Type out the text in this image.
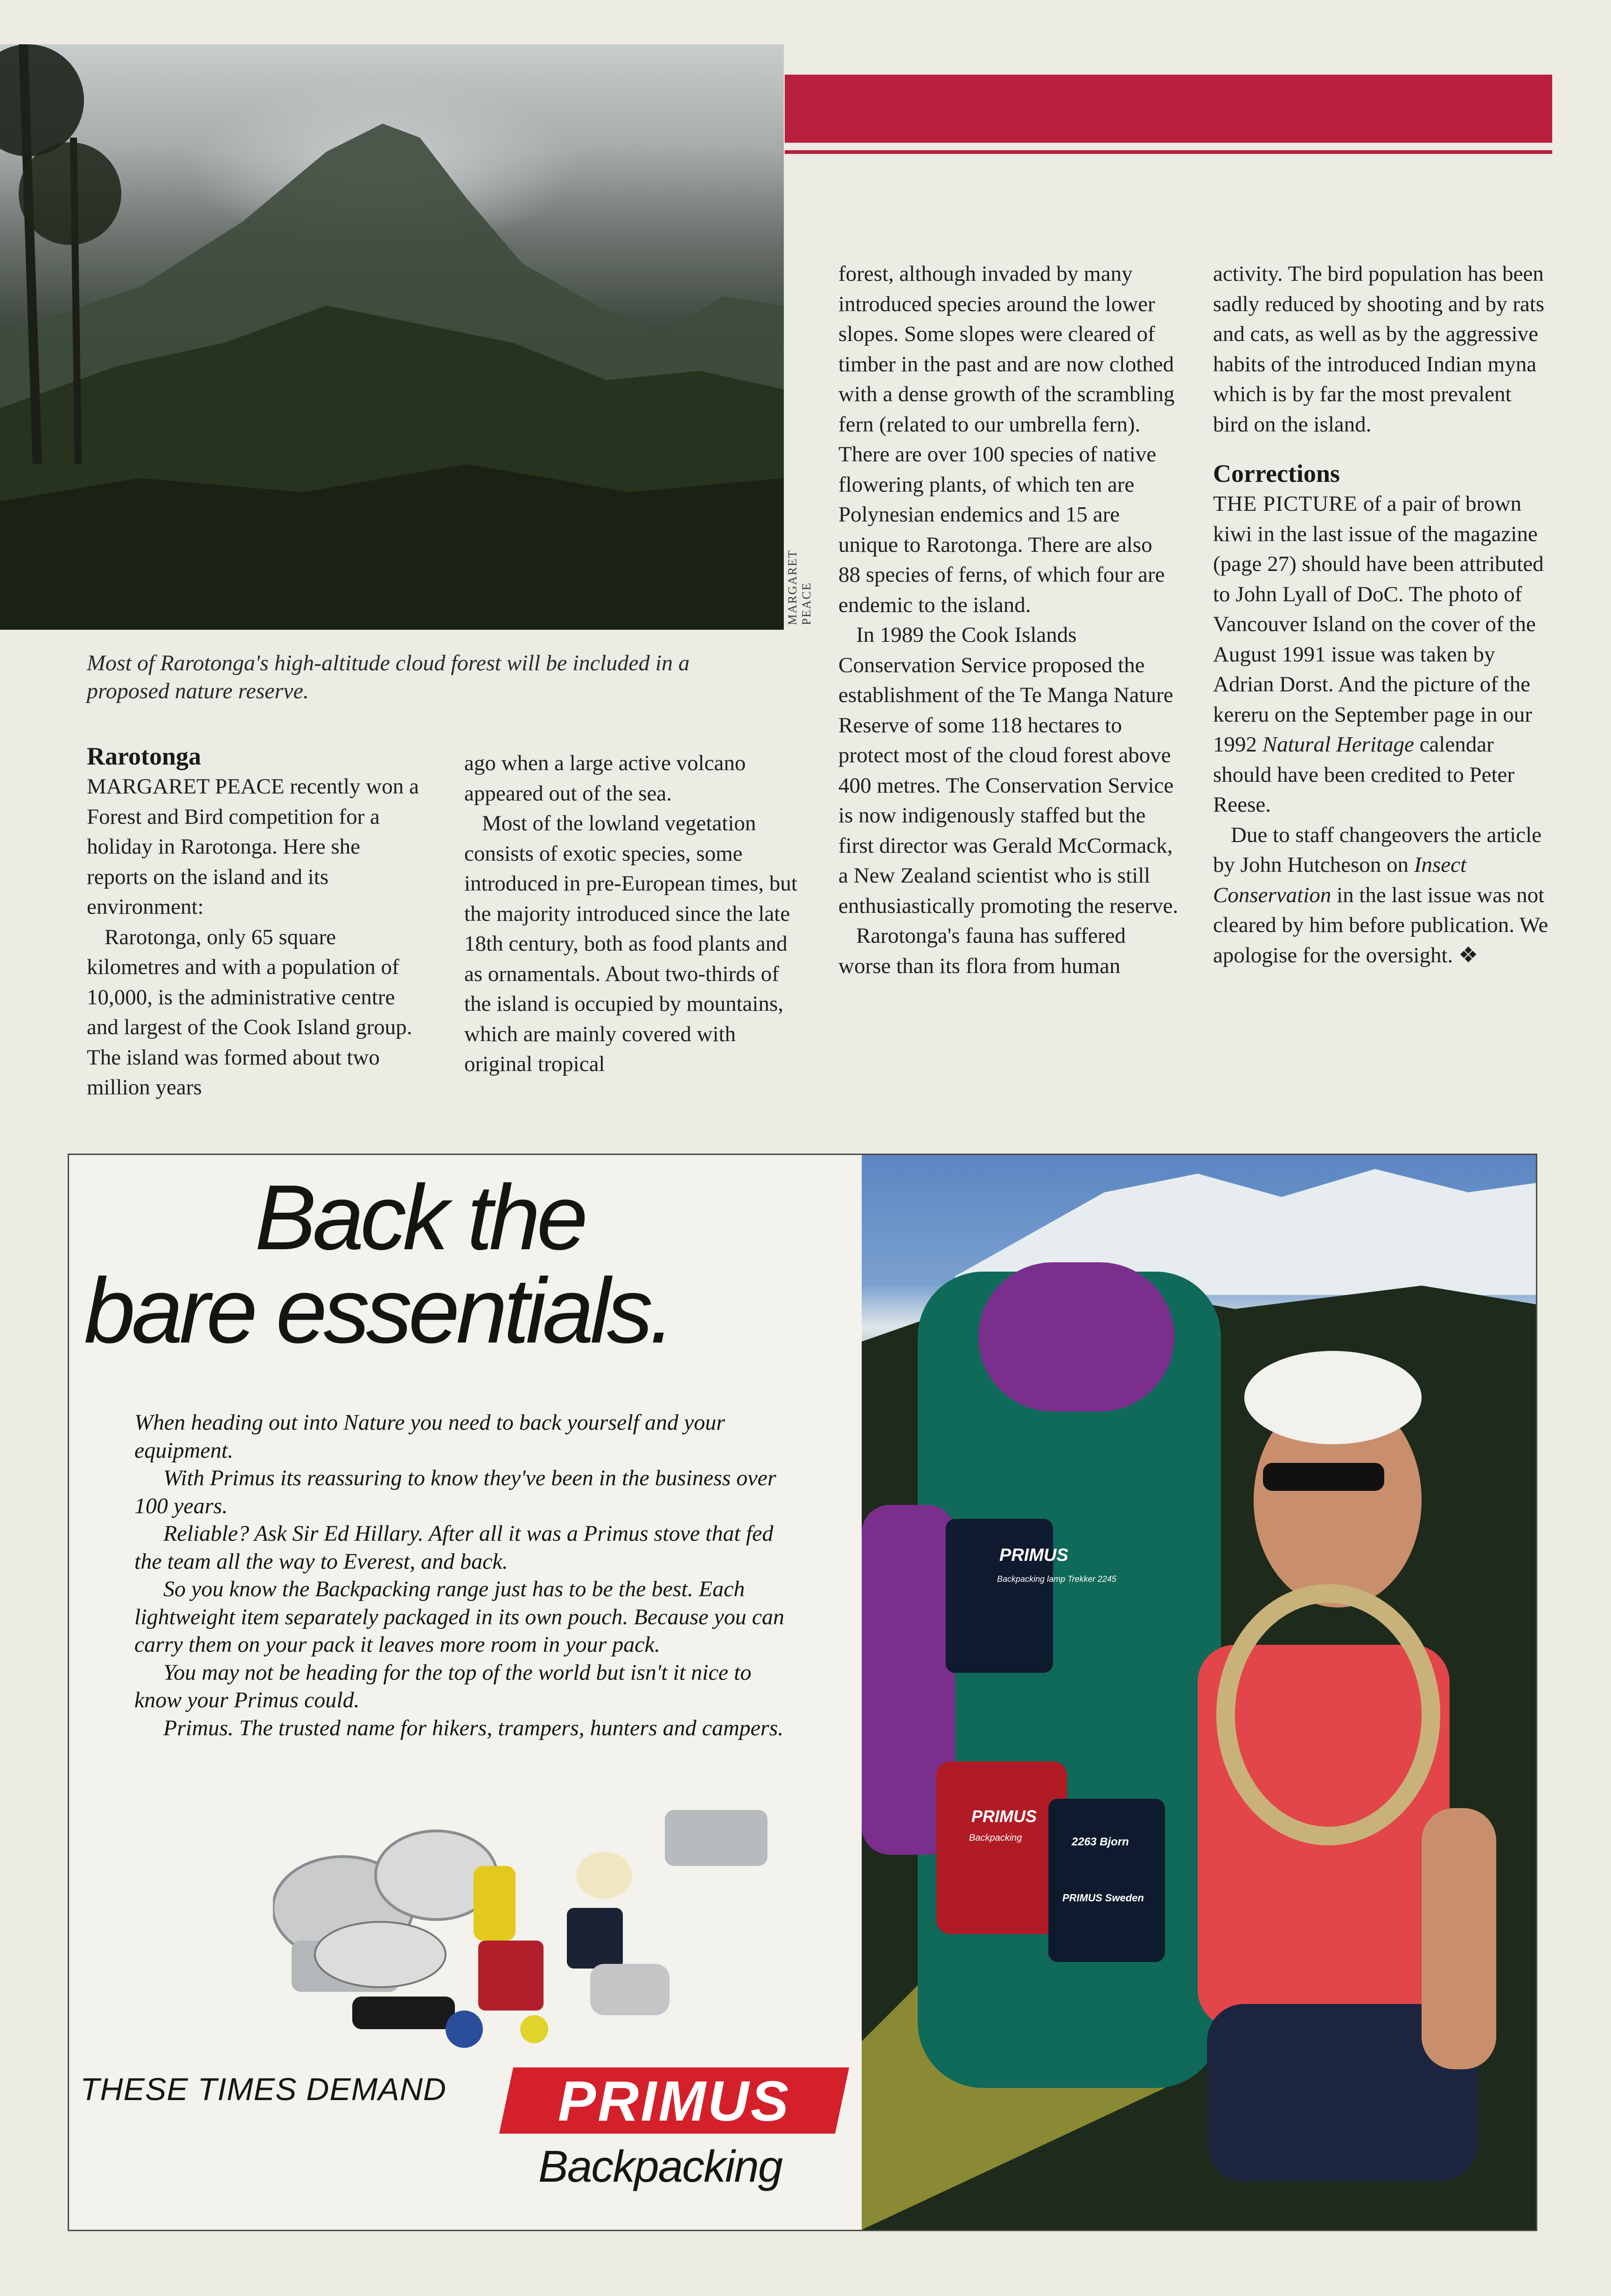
MARGARET PEACE
Most of Rarotonga's high-altitude cloud forest will be included in a
proposed nature reserve.
Rarotonga

MARGARET PEACE recently won a Forest and Bird competition for a holiday in Rarotonga. Here she reports on the island and its environment:

Rarotonga, only 65 square kilometres and with a population of 10,000, is the administrative centre and largest of the Cook Island group. The island was formed about two million years

ago when a large active volcano appeared out of the sea.

Most of the lowland vegetation consists of exotic species, some introduced in pre-European times, but the majority introduced since the late 18th century, both as food plants and as ornamentals. About two-thirds of the island is occupied by mountains, which are mainly covered with original tropical

forest, although invaded by many introduced species around the lower slopes. Some slopes were cleared of timber in the past and are now clothed with a dense growth of the scrambling fern (related to our umbrella fern). There are over 100 species of native flowering plants, of which ten are Polynesian endemics and 15 are unique to Rarotonga. There are also 88 species of ferns, of which four are endemic to the island.

In 1989 the Cook Islands Conservation Service proposed the establishment of the Te Manga Nature Reserve of some 118 hectares to protect most of the cloud forest above 400 metres. The Conservation Service is now indigenously staffed but the first director was Gerald McCormack, a New Zealand scientist who is still enthusiastically promoting the reserve.

Rarotonga's fauna has suffered worse than its flora from human

activity. The bird population has been sadly reduced by shooting and by rats and cats, as well as by the aggressive habits of the introduced Indian myna which is by far the most prevalent bird on the island.

Corrections

THE PICTURE of a pair of brown kiwi in the last issue of the magazine (page 27) should have been attributed to John Lyall of DoC. The photo of Vancouver Island on the cover of the August 1991 issue was taken by Adrian Dorst. And the picture of the kereru on the September page in our 1992 Natural Heritage calendar should have been credited to Peter Reese.

Due to staff changeovers the article by John Hutcheson on Insect Conservation in the last issue was not cleared by him before publication. We apologise for the oversight. ❖

PRIMUS
Backpacking lamp Trekker 2245
PRIMUS
Backpacking	2263 Bjorn
PRIMUS Sweden
Back the
bare essentials.

When heading out into Nature you need to back yourself and your equipment.

With Primus its reassuring to know they've been in the business over 100 years.

Reliable? Ask Sir Ed Hillary. After all it was a Primus stove that fed the team all the way to Everest, and back.

So you know the Backpacking range just has to be the best. Each lightweight item separately packaged in its own pouch. Because you can carry them on your pack it leaves more room in your pack.

You may not be heading for the top of the world but isn't it nice to know your Primus could.

Primus. The trusted name for hikers, trampers, hunters and campers.

THESE TIMES DEMAND	PRIMUS
Backpacking
